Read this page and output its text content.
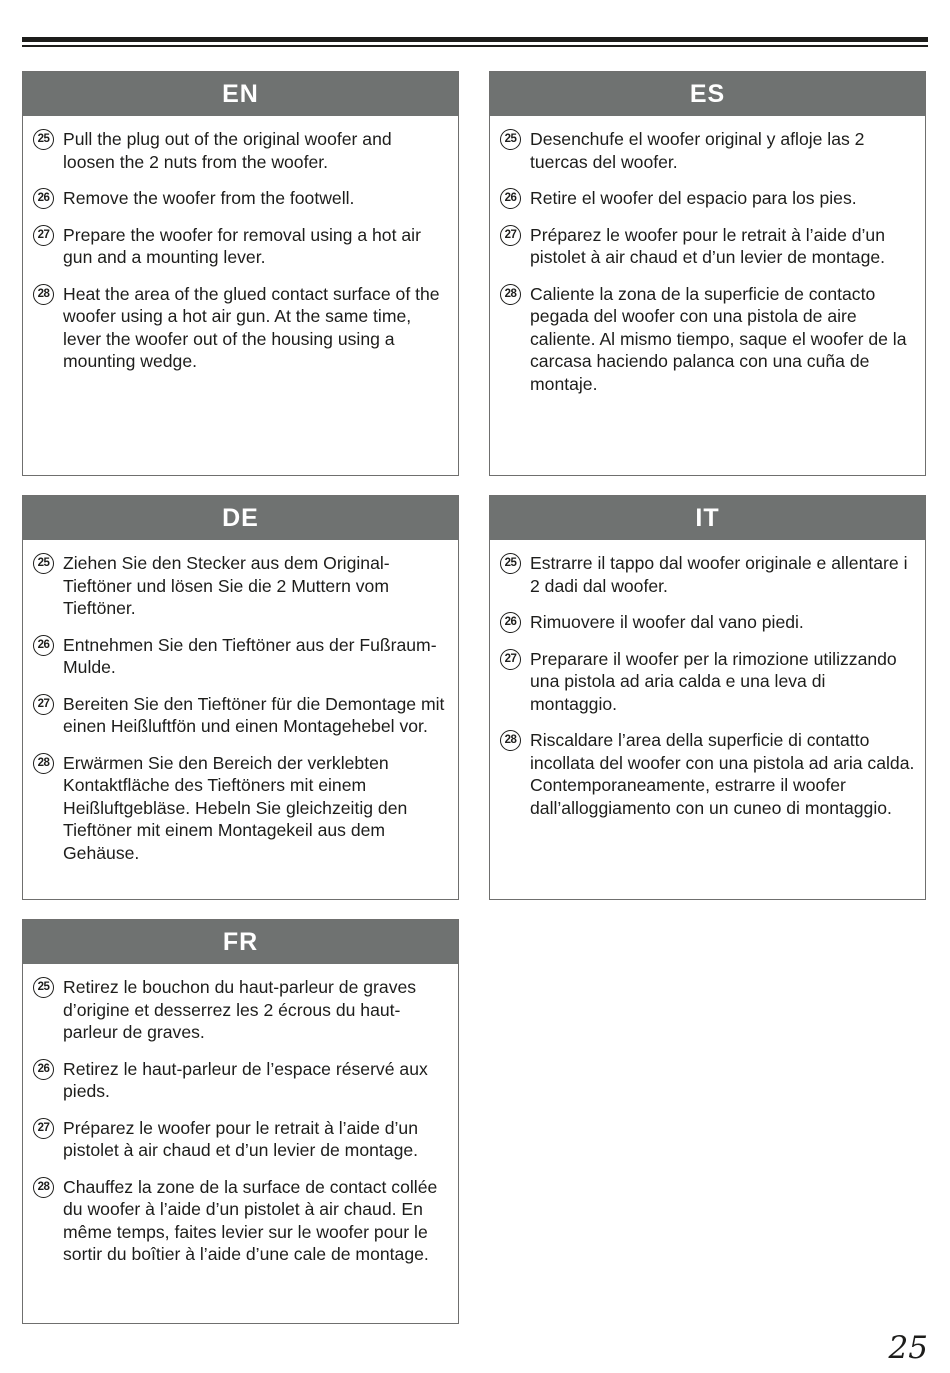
EN
25 Pull the plug out of the original woofer and loosen the 2 nuts from the woofer.
26 Remove the woofer from the footwell.
27 Prepare the woofer for removal using a hot air gun and a mounting lever.
28 Heat the area of the glued contact surface of the woofer using a hot air gun. At the same time, lever the woofer out of the housing using a mounting wedge.
ES
25 Desenchufe el woofer original y afloje las 2 tuercas del woofer.
26 Retire el woofer del espacio para los pies.
27 Préparez le woofer pour le retrait à l’aide d’un pistolet à air chaud et d’un levier de montage.
28 Caliente la zona de la superficie de contacto pegada del woofer con una pistola de aire caliente. Al mismo tiempo, saque el woofer de la carcasa haciendo palanca con una cuña de montaje.
DE
25 Ziehen Sie den Stecker aus dem Original-Tieftöner und lösen Sie die 2 Muttern vom Tieftöner.
26 Entnehmen Sie den Tieftöner aus der Fußraum-Mulde.
27 Bereiten Sie den Tieftöner für die Demontage mit einen Heißluftfön und einen Montagehebel vor.
28 Erwärmen Sie den Bereich der verklebten Kontaktfläche des Tieftöners mit einem Heißluftgebläse. Hebeln Sie gleichzeitig den Tieftöner mit einem Montagekeil aus dem Gehäuse.
IT
25 Estrarre il tappo dal woofer originale e allentare i 2 dadi dal woofer.
26 Rimuovere il woofer dal vano piedi.
27 Preparare il woofer per la rimozione utilizzando una pistola ad aria calda e una leva di montaggio.
28 Riscaldare l’area della superficie di contatto incollata del woofer con una pistola ad aria calda. Contemporaneamente, estrarre il woofer dall’alloggiamento con un cuneo di montaggio.
FR
25 Retirez le bouchon du haut-parleur de graves d’origine et desserrez les 2 écrous du haut-parleur de graves.
26 Retirez le haut-parleur de l’espace réservé aux pieds.
27 Préparez le woofer pour le retrait à l’aide d’un pistolet à air chaud et d’un levier de montage.
28 Chauffez la zone de la surface de contact collée du woofer à l’aide d’un pistolet à air chaud. En même temps, faites levier sur le woofer pour le sortir du boîtier à l’aide d’une cale de montage.
25
